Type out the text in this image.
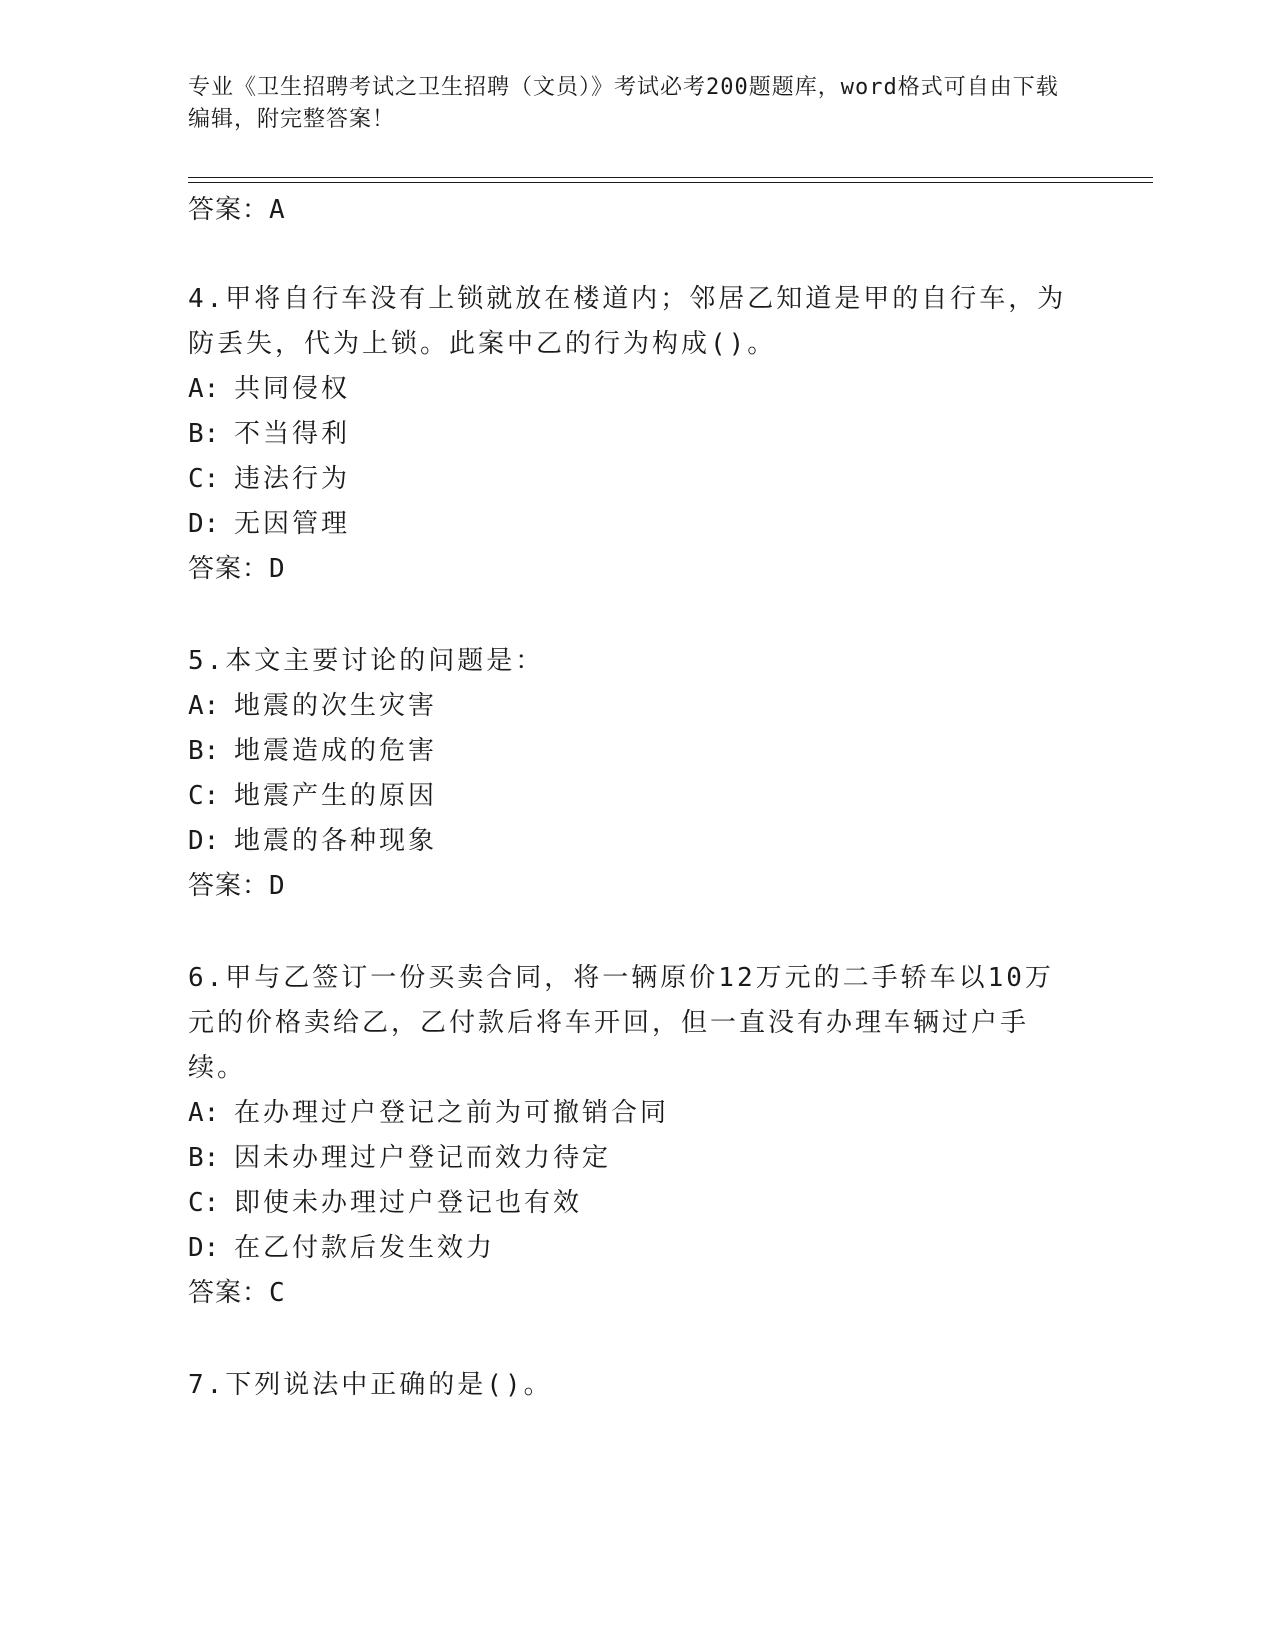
专业《卫生招聘考试之卫生招聘（文员）》考试必考200题题库，word格式可自由下载编辑，附完整答案！

答案：A

4.甲将自行车没有上锁就放在楼道内；邻居乙知道是甲的自行车，为防丢失，代为上锁。此案中乙的行为构成()。

A: 共同侵权

B: 不当得利

C: 违法行为

D: 无因管理

答案：D

5.本文主要讨论的问题是：

A: 地震的次生灾害

B: 地震造成的危害

C: 地震产生的原因

D: 地震的各种现象

答案：D

6.甲与乙签订一份买卖合同，将一辆原价12万元的二手轿车以10万元的价格卖给乙，乙付款后将车开回，但一直没有办理车辆过户手续。

A: 在办理过户登记之前为可撤销合同

B: 因未办理过户登记而效力待定

C: 即使未办理过户登记也有效

D: 在乙付款后发生效力

答案：C

7.下列说法中正确的是()。
